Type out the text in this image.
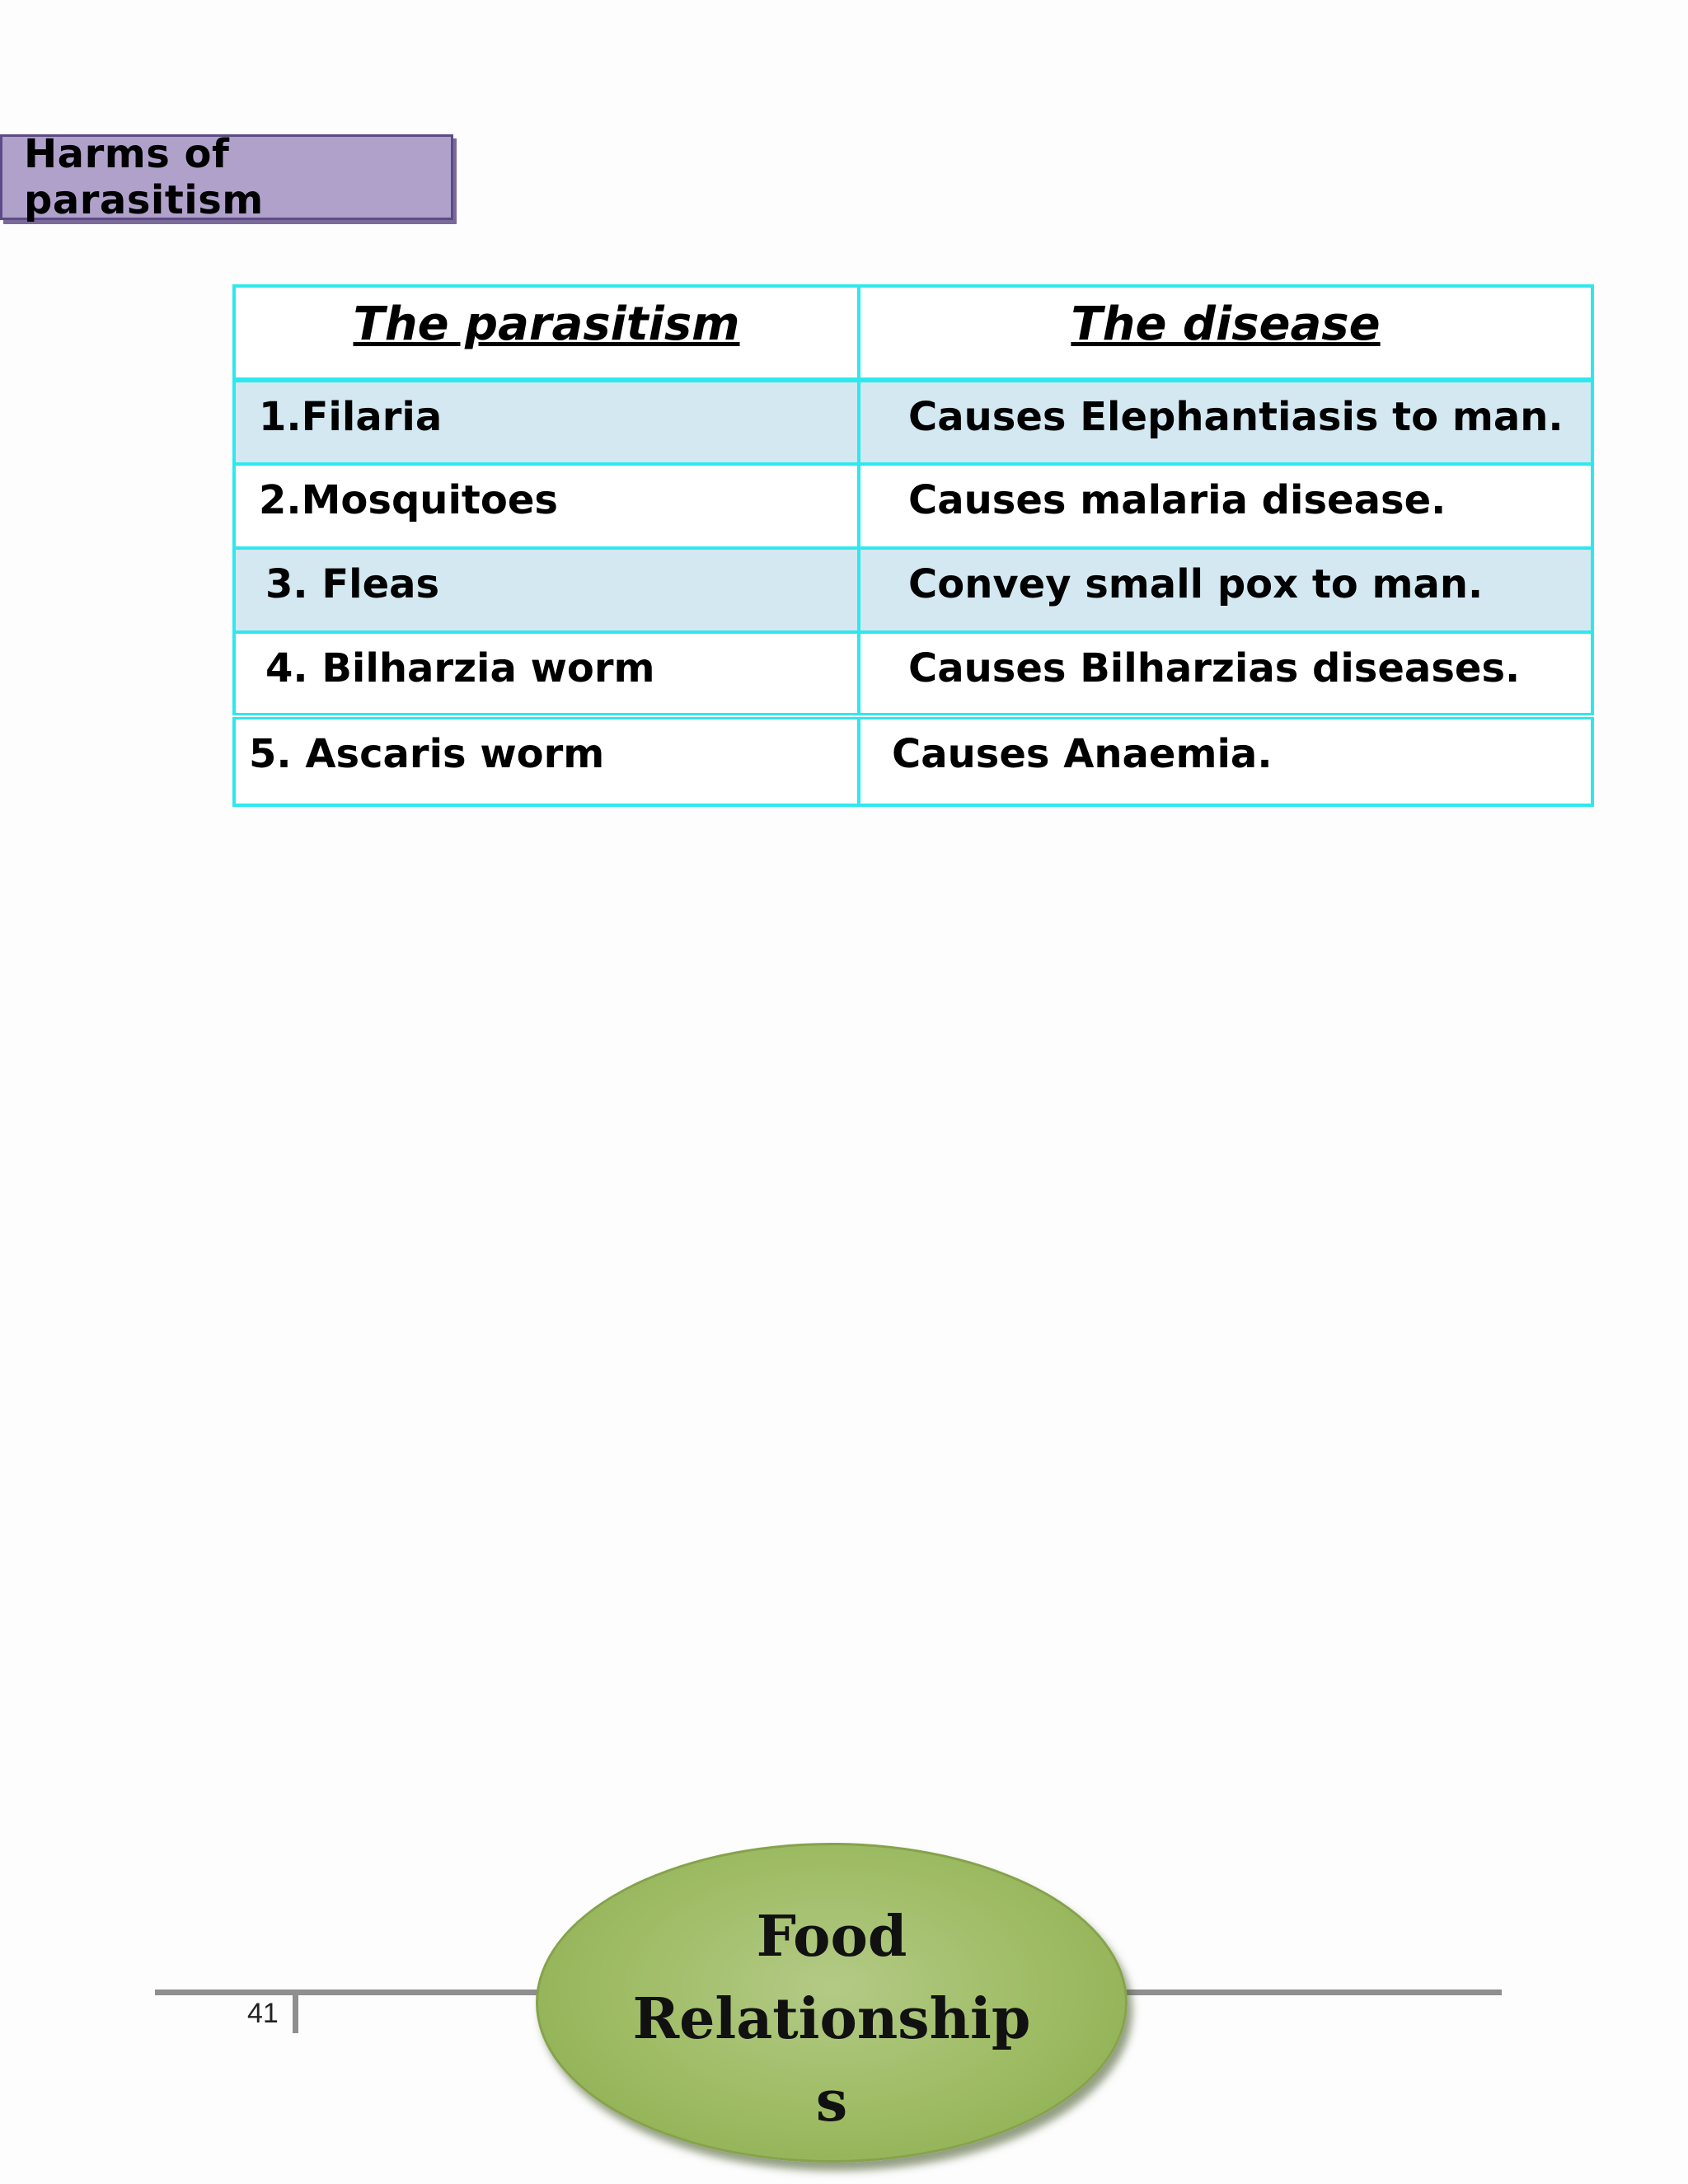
Harms of parasitism
The parasitism	The disease
1.Filaria	Causes Elephantiasis to man.
2.Mosquitoes	Causes malaria disease.
3. Fleas	Convey small pox to man.
4. Bilharzia worm	Causes Bilharzias diseases.
5. Ascaris worm	Causes Anaemia.
41
Food
Relationship
s
